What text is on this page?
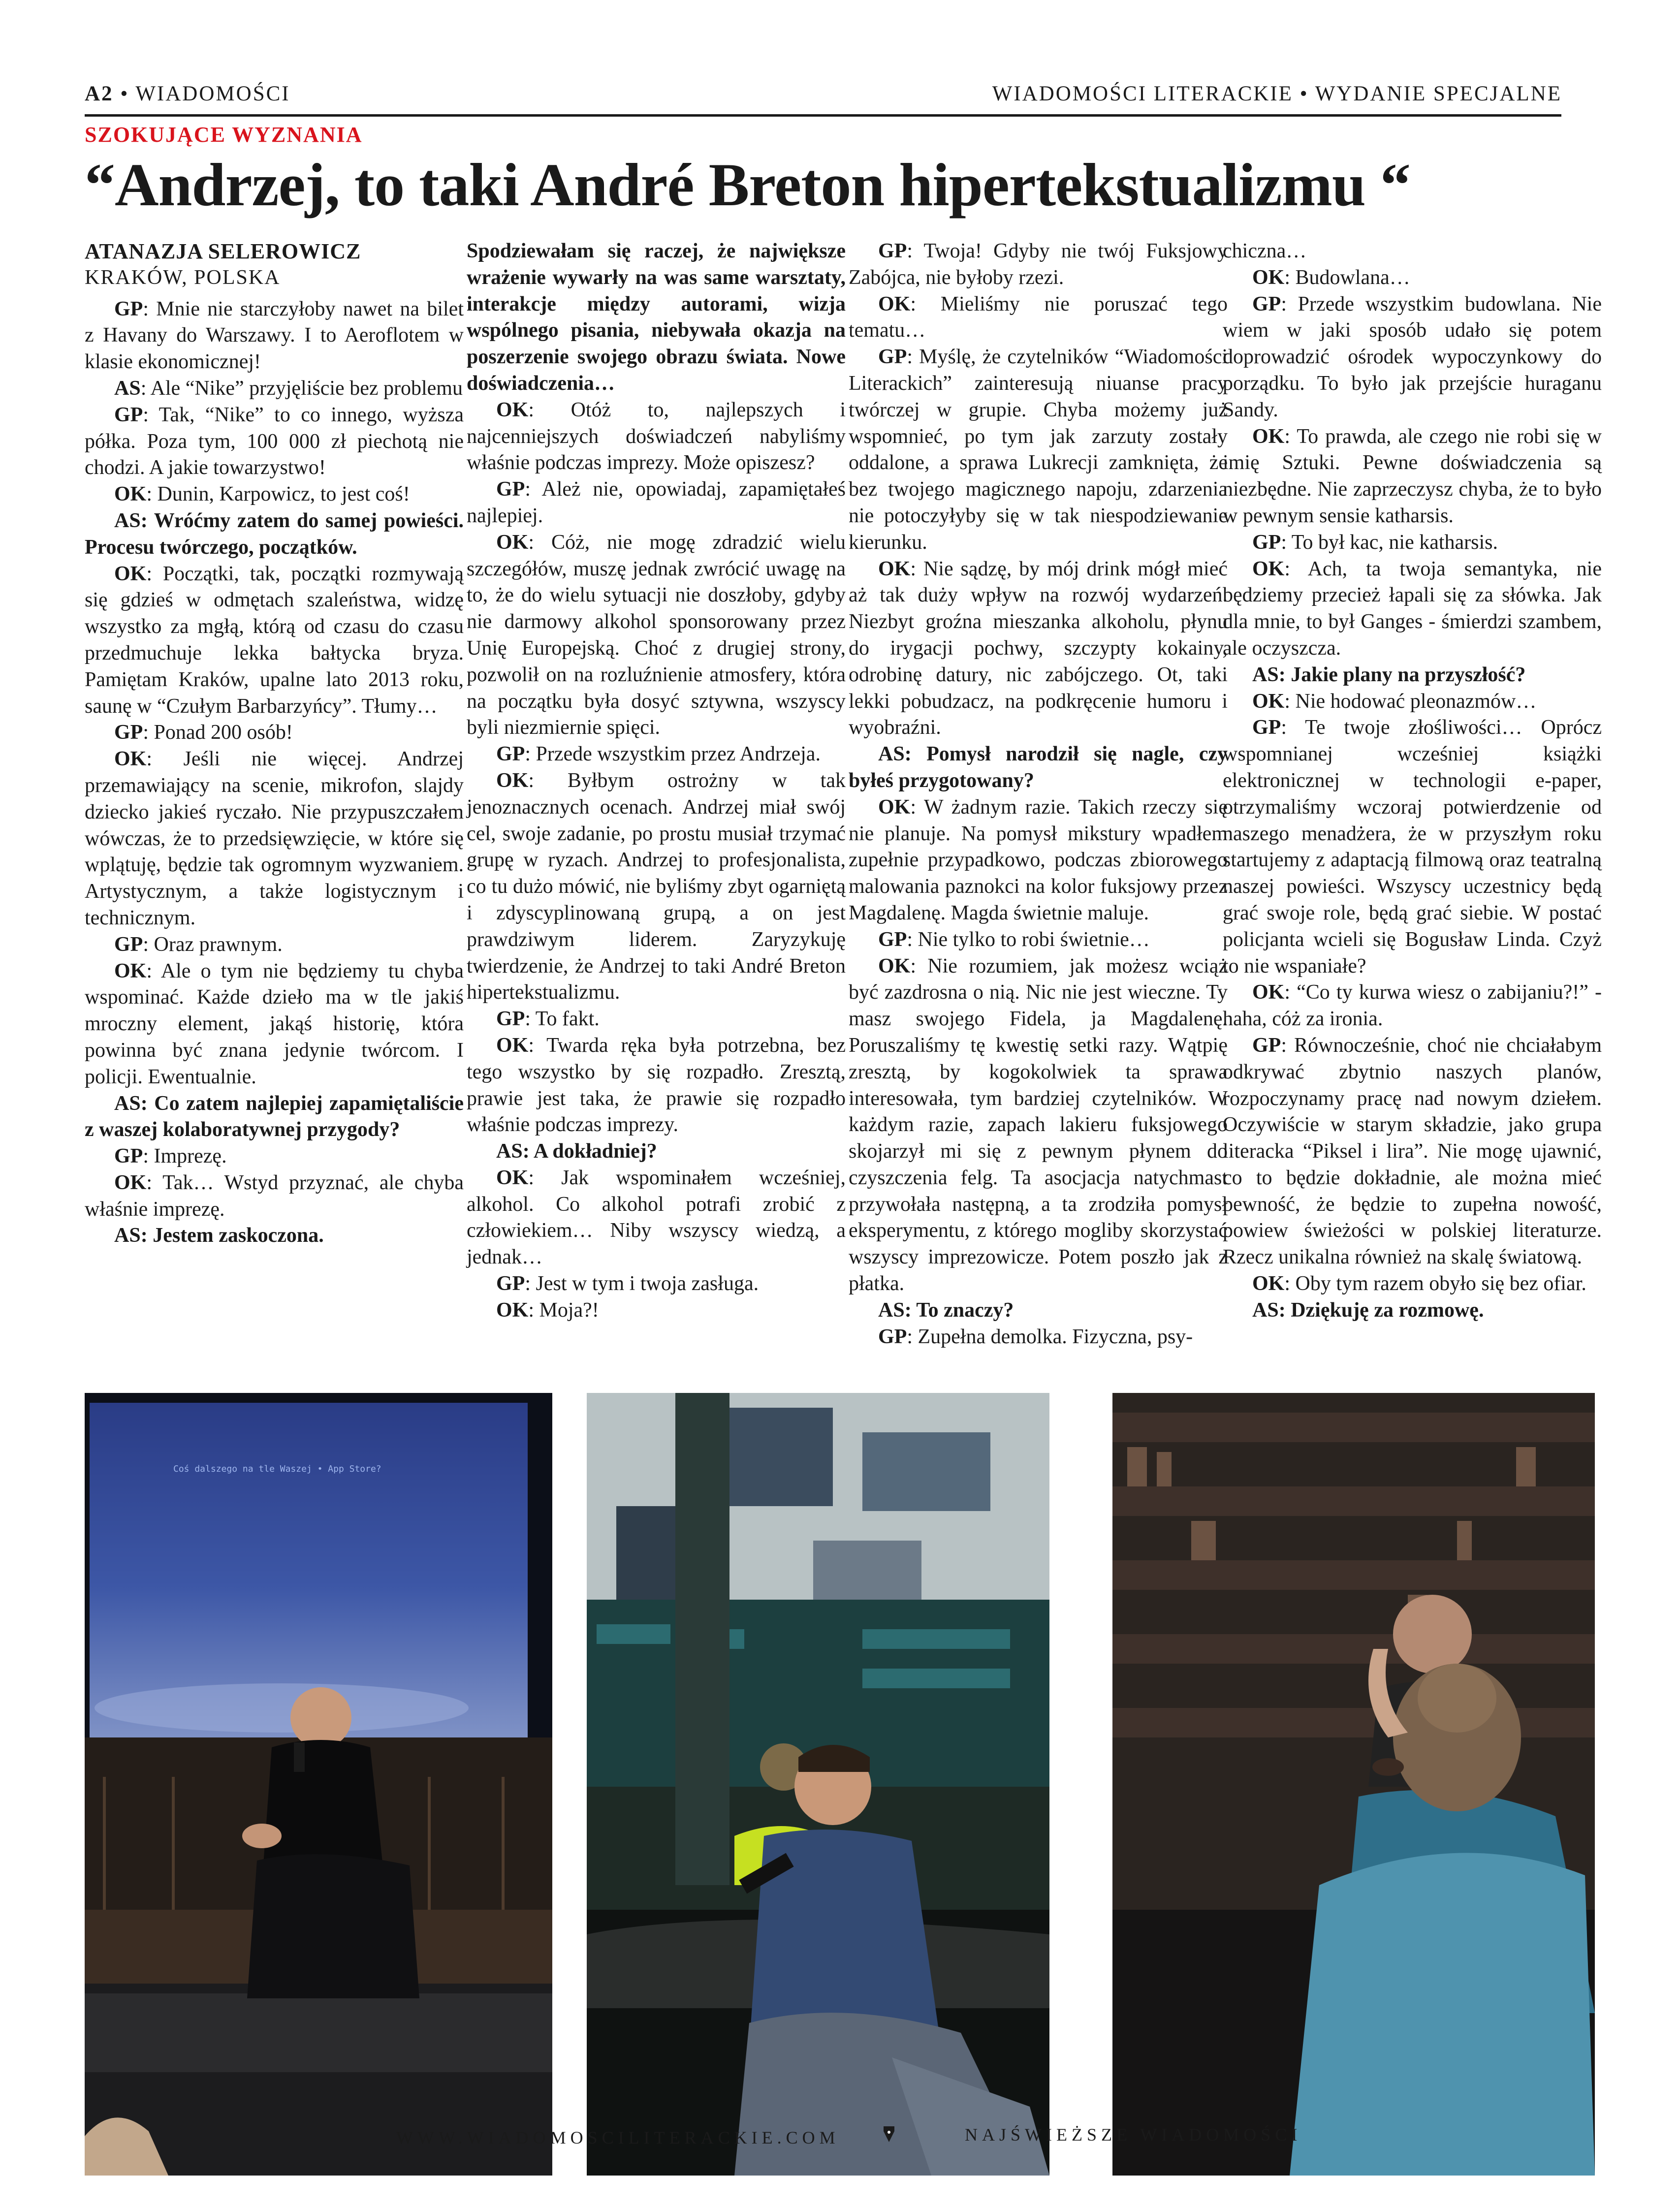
A2 • WIADOMOŚCI	WIADOMOŚCI LITERACKIE • WYDANIE SPECJALNE
SZOKUJĄCE WYZNANIA
“Andrzej, to taki André Breton hipertekstualizmu “

ATANAZJA SELEROWICZ

KRAKÓW, POLSKA

GP: Mnie nie starczyłoby nawet na bilet z Havany do Warszawy. I to Aeroflotem w klasie ekonomicznej!

AS: Ale “Nike” przyjęliście bez problemu

GP: Tak, “Nike” to co innego, wyższa półka. Poza tym, 100 000 zł piechotą nie chodzi. A jakie towarzystwo!

OK: Dunin, Karpowicz, to jest coś!

AS: Wróćmy zatem do samej powieści. Procesu twórczego, początków.

OK: Początki, tak, początki rozmywają się gdzieś w odmętach szaleństwa, widzę wszystko za mgłą, którą od czasu do czasu przedmuchuje lekka bałtycka bryza. Pamiętam Kraków, upalne lato 2013 roku, saunę w “Czułym Barbarzyńcy”. Tłumy…

GP: Ponad 200 osób!

OK: Jeśli nie więcej. Andrzej przemawiający na scenie, mikrofon, slajdy dziecko jakieś ryczało. Nie przypuszczałem wówczas, że to przedsięwzięcie, w które się wplątuję, będzie tak ogromnym wyzwaniem. Artystycznym, a także logistycznym i technicznym.

GP: Oraz prawnym.

OK: Ale o tym nie będziemy tu chyba wspominać. Każde dzieło ma w tle jakiś mroczny element, jakąś historię, która powinna być znana jedynie twórcom. I policji. Ewentualnie.

AS: Co zatem najlepiej zapamiętaliście z waszej kolaboratywnej przygody?

GP: Imprezę.

OK: Tak… Wstyd przyznać, ale chyba właśnie imprezę.

AS: Jestem zaskoczona.

Spodziewałam się raczej, że największe wrażenie wywarły na was same warsztaty, interakcje między autorami, wizja wspólnego pisania, niebywała okazja na poszerzenie swojego obrazu świata. Nowe doświadczenia…

OK: Otóż to, najlepszych i najcenniejszych doświadczeń nabyliśmy właśnie podczas imprezy. Może opiszesz?

GP: Ależ nie, opowiadaj, zapamiętałeś najlepiej.

OK: Cóż, nie mogę zdradzić wielu szczegółów, muszę jednak zwrócić uwagę na to, że do wielu sytuacji nie doszłoby, gdyby nie darmowy alkohol sponsorowany przez Unię Europejską. Choć z drugiej strony, pozwolił on na rozluźnienie atmosfery, która na początku była dosyć sztywna, wszyscy byli niezmiernie spięci.

GP: Przede wszystkim przez Andrzeja.

OK: Byłbym ostrożny w tak jenoznacznych ocenach. Andrzej miał swój cel, swoje zadanie, po prostu musiał trzymać grupę w ryzach. Andrzej to profesjonalista, co tu dużo mówić, nie byliśmy zbyt ogarniętą i zdyscyplinowaną grupą, a on jest prawdziwym liderem. Zaryzykuję twierdzenie, że Andrzej to taki André Breton hipertekstualizmu.

GP: To fakt.

OK: Twarda ręka była potrzebna, bez tego wszystko by się rozpadło. Zresztą, prawie jest taka, że prawie się rozpadło właśnie podczas imprezy.

AS: A dokładniej?

OK: Jak wspominałem wcześniej, alkohol. Co alkohol potrafi zrobić z człowiekiem… Niby wszyscy wiedzą, a jednak…

GP: Jest w tym i twoja zasługa.

OK: Moja?!

GP: Twoja! Gdyby nie twój Fuksjowy Zabójca, nie byłoby rzezi.

OK: Mieliśmy nie poruszać tego tematu…

GP: Myślę, że czytelników “Wiadomości Literackich” zainteresują niuanse pracy twórczej w grupie. Chyba możemy już wspomnieć, po tym jak zarzuty zostały oddalone, a sprawa Lukrecji zamknięta, że bez twojego magicznego napoju, zdarzenia nie potoczyłyby się w tak niespodziewanie kierunku.

OK: Nie sądzę, by mój drink mógł mieć aż tak duży wpływ na rozwój wydarzeń. Niezbyt groźna mieszanka alkoholu, płynu do irygacji pochwy, szczypty kokainy, odrobinę datury, nic zabójczego. Ot, taki lekki pobudzacz, na podkręcenie humoru i wyobraźni.

AS: Pomysł narodził się nagle, czy byłeś przygotowany?

OK: W żadnym razie. Takich rzeczy się nie planuje. Na pomysł mikstury wpadłem zupełnie przypadkowo, podczas zbiorowego malowania paznokci na kolor fuksjowy przez Magdalenę. Magda świetnie maluje.

GP: Nie tylko to robi świetnie…

OK: Nie rozumiem, jak możesz wciąż być zazdrosna o nią. Nic nie jest wieczne. Ty masz swojego Fidela, ja Magdalenę. Poruszaliśmy tę kwestię setki razy. Wątpię zresztą, by kogokolwiek ta sprawa interesowała, tym bardziej czytelników. W każdym razie, zapach lakieru fuksjowego skojarzył mi się z pewnym płynem do czyszczenia felg. Ta asocjacja natychmast przywołała następną, a ta zrodziła pomysł eksperymentu, z którego mogliby skorzystać wszyscy imprezowicze. Potem poszło jak z płatka.

AS: To znaczy?

GP: Zupełna demolka. Fizyczna, psy-

chiczna…

OK: Budowlana…

GP: Przede wszystkim budowlana. Nie wiem w jaki sposób udało się potem doprowadzić ośrodek wypoczynkowy do porządku. To było jak przejście huraganu Sandy.

OK: To prawda, ale czego nie robi się w imię Sztuki. Pewne doświadczenia są niezbędne. Nie zaprzeczysz chyba, że to było w pewnym sensie katharsis.

GP: To był kac, nie katharsis.

OK: Ach, ta twoja semantyka, nie będziemy przecież łapali się za słówka. Jak dla mnie, to był Ganges - śmierdzi szambem, ale oczyszcza.

AS: Jakie plany na przyszłość?

OK: Nie hodować pleonazmów…

GP: Te twoje złośliwości… Oprócz wspomnianej wcześniej książki elektronicznej w technologii e-paper, otrzymaliśmy wczoraj potwierdzenie od naszego menadżera, że w przyszłym roku startujemy z adaptacją filmową oraz teatralną naszej powieści. Wszyscy uczestnicy będą grać swoje role, będą grać siebie. W postać policjanta wcieli się Bogusław Linda. Czyż to nie wspaniałe?

OK: “Co ty kurwa wiesz o zabijaniu?!” - haha, cóż za ironia.

GP: Równocześnie, choć nie chciałabym odkrywać zbytnio naszych planów, rozpoczynamy pracę nad nowym dziełem. Oczywiście w starym składzie, jako grupa literacka “Piksel i lira”. Nie mogę ujawnić, co to będzie dokładnie, ale można mieć pewność, że będzie to zupełna nowość, powiew świeżości w polskiej literaturze. Rzecz unikalna również na skalę światową.

OK: Oby tym razem obyło się bez ofiar.

AS: Dziękuję za rozmowę.

Coś dalszego na tle Waszej • App Store?
WWW.WIADOMOSCILITERACKIE.COM	NAJŚWIEŻSZE WIADOMOŚCI
